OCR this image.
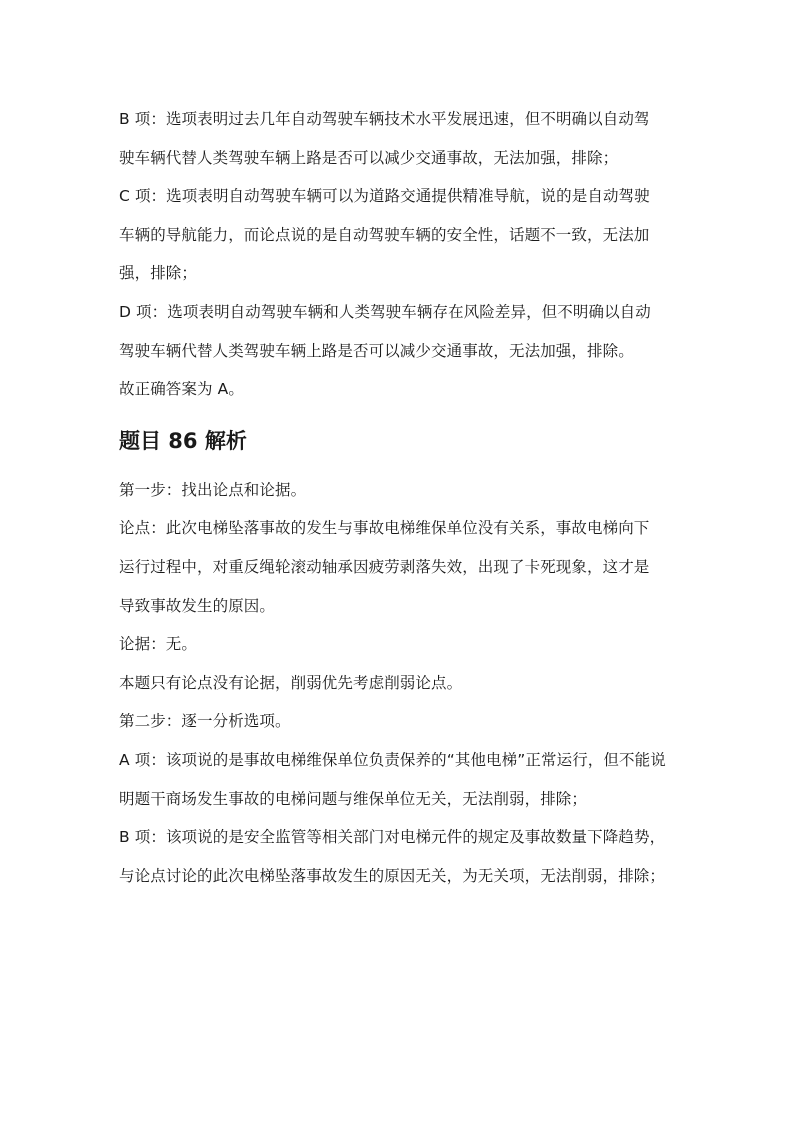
B 项：选项表明过去几年自动驾驶车辆技术水平发展迅速，但不明确以自动驾
驶车辆代替人类驾驶车辆上路是否可以减少交通事故，无法加强，排除；
C 项：选项表明自动驾驶车辆可以为道路交通提供精准导航，说的是自动驾驶
车辆的导航能力，而论点说的是自动驾驶车辆的安全性，话题不一致，无法加
强，排除；
D 项：选项表明自动驾驶车辆和人类驾驶车辆存在风险差异，但不明确以自动
驾驶车辆代替人类驾驶车辆上路是否可以减少交通事故，无法加强，排除。
故正确答案为 A。
题目 86 解析
第一步：找出论点和论据。
论点：此次电梯坠落事故的发生与事故电梯维保单位没有关系，事故电梯向下
运行过程中，对重反绳轮滚动轴承因疲劳剥落失效，出现了卡死现象，这才是
导致事故发生的原因。
论据：无。
本题只有论点没有论据，削弱优先考虑削弱论点。
第二步：逐一分析选项。
A 项：该项说的是事故电梯维保单位负责保养的“其他电梯”正常运行，但不能说
明题干商场发生事故的电梯问题与维保单位无关，无法削弱，排除；
B 项：该项说的是安全监管等相关部门对电梯元件的规定及事故数量下降趋势，
与论点讨论的此次电梯坠落事故发生的原因无关，为无关项，无法削弱，排除；
